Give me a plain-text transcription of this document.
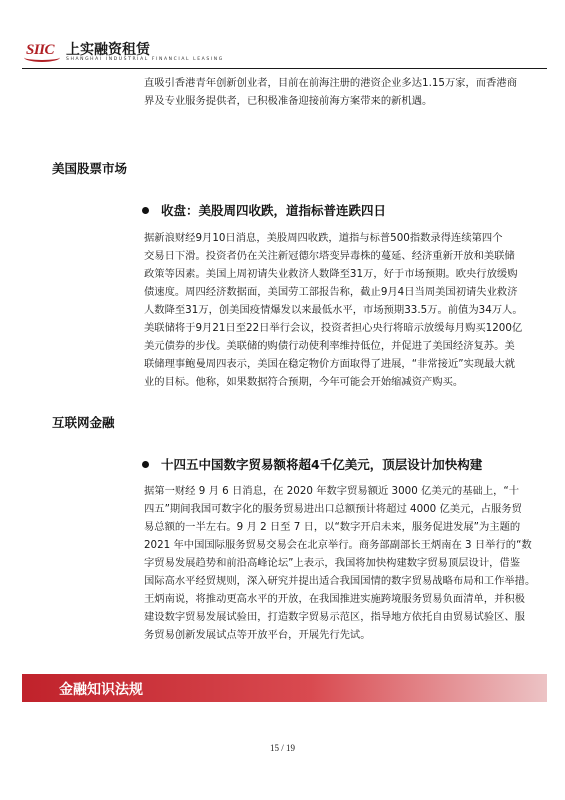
SIIC 上实融资租赁
SHANGHAI INDUSTRIAL FINANCIAL LEASING
直吸引香港青年创新创业者，目前在前海注册的港资企业多达1.15万家，而香港商
界及专业服务提供者，已积极准备迎接前海方案带来的新机遇。
美国股票市场
收盘：美股周四收跌，道指标普连跌四日
据新浪财经9月10日消息，美股周四收跌，道指与标普500指数录得连续第四个
交易日下滑。投资者仍在关注新冠德尔塔变异毒株的蔓延、经济重新开放和美联储
政策等因素。美国上周初请失业救济人数降至31万，好于市场预期。欧央行放缓购
债速度。周四经济数据面，美国劳工部报告称，截止9月4日当周美国初请失业救济
人数降至31万，创美国疫情爆发以来最低水平，市场预期33.5万。前值为34万人。
美联储将于9月21日至22日举行会议，投资者担心央行将暗示放缓每月购买1200亿
美元债券的步伐。美联储的购债行动使利率维持低位，并促进了美国经济复苏。美
联储理事鲍曼周四表示，美国在稳定物价方面取得了进展，“非常接近”实现最大就
业的目标。他称，如果数据符合预期，今年可能会开始缩减资产购买。
互联网金融
十四五中国数字贸易额将超4千亿美元，顶层设计加快构建
据第一财经 9 月 6 日消息，在 2020 年数字贸易额近 3000 亿美元的基础上，“十
四五”期间我国可数字化的服务贸易进出口总额预计将超过 4000 亿美元，占服务贸
易总额的一半左右。9 月 2 日至 7 日，以“数字开启未来，服务促进发展”为主题的
2021 年中国国际服务贸易交易会在北京举行。商务部副部长王炳南在 3 日举行的“数
字贸易发展趋势和前沿高峰论坛”上表示，我国将加快构建数字贸易顶层设计，借鉴
国际高水平经贸规则，深入研究并提出适合我国国情的数字贸易战略布局和工作举措。
王炳南说，将推动更高水平的开放，在我国推进实施跨境服务贸易负面清单，并积极
建设数字贸易发展试验田，打造数字贸易示范区，指导地方依托自由贸易试验区、服
务贸易创新发展试点等开放平台，开展先行先试。
金融知识法规
15 / 19
